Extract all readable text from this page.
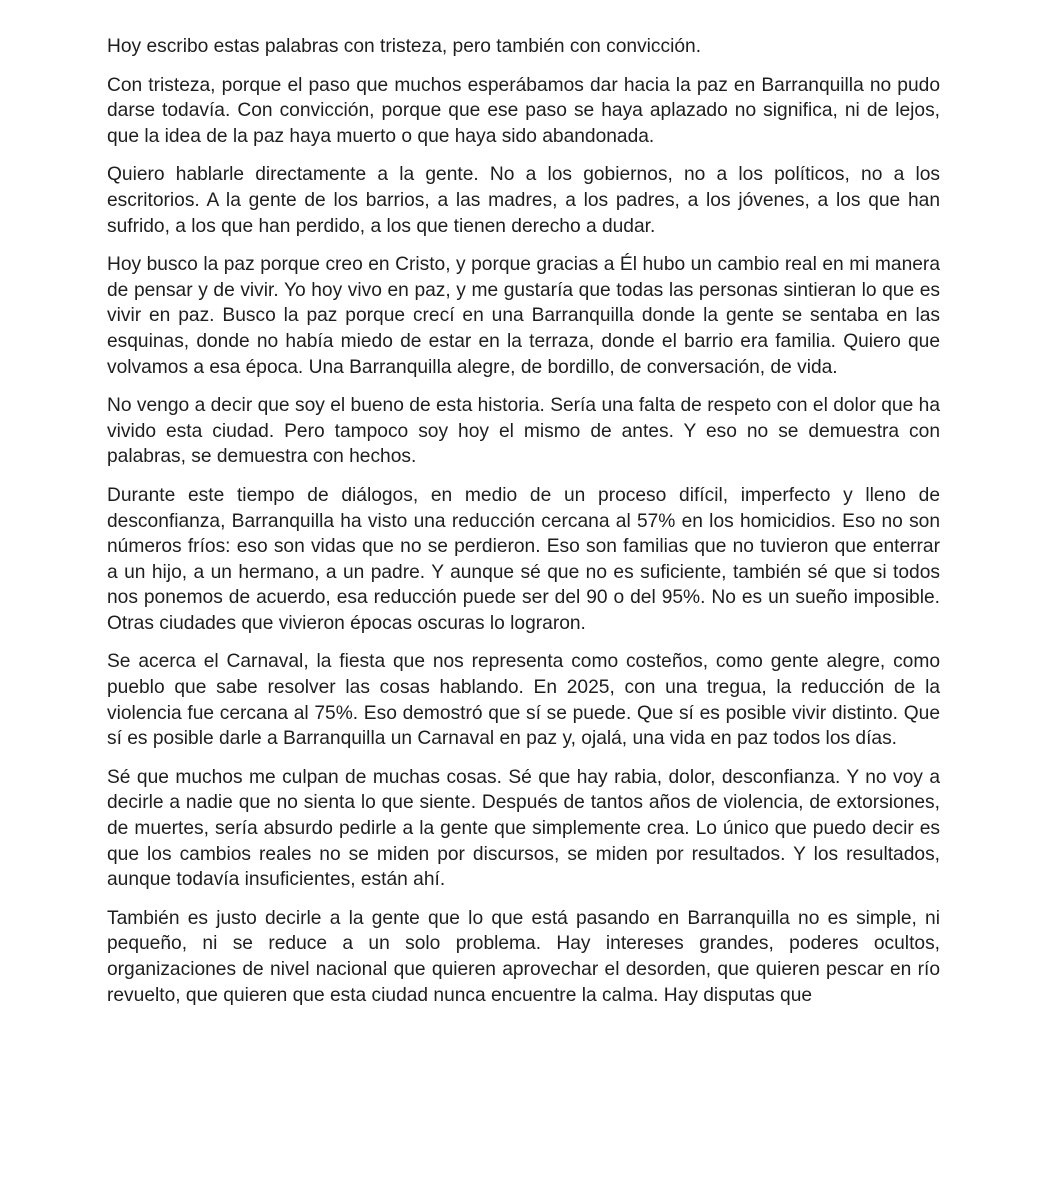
Hoy escribo estas palabras con tristeza, pero también con convicción.

Con tristeza, porque el paso que muchos esperábamos dar hacia la paz en Barranquilla no pudo darse todavía. Con convicción, porque que ese paso se haya aplazado no significa, ni de lejos, que la idea de la paz haya muerto o que haya sido abandonada.

Quiero hablarle directamente a la gente. No a los gobiernos, no a los políticos, no a los escritorios. A la gente de los barrios, a las madres, a los padres, a los jóvenes, a los que han sufrido, a los que han perdido, a los que tienen derecho a dudar.

Hoy busco la paz porque creo en Cristo, y porque gracias a Él hubo un cambio real en mi manera de pensar y de vivir. Yo hoy vivo en paz, y me gustaría que todas las personas sintieran lo que es vivir en paz. Busco la paz porque crecí en una Barranquilla donde la gente se sentaba en las esquinas, donde no había miedo de estar en la terraza, donde el barrio era familia. Quiero que volvamos a esa época. Una Barranquilla alegre, de bordillo, de conversación, de vida.

No vengo a decir que soy el bueno de esta historia. Sería una falta de respeto con el dolor que ha vivido esta ciudad. Pero tampoco soy hoy el mismo de antes. Y eso no se demuestra con palabras, se demuestra con hechos.

Durante este tiempo de diálogos, en medio de un proceso difícil, imperfecto y lleno de desconfianza, Barranquilla ha visto una reducción cercana al 57% en los homicidios. Eso no son números fríos: eso son vidas que no se perdieron. Eso son familias que no tuvieron que enterrar a un hijo, a un hermano, a un padre. Y aunque sé que no es suficiente, también sé que si todos nos ponemos de acuerdo, esa reducción puede ser del 90 o del 95%. No es un sueño imposible. Otras ciudades que vivieron épocas oscuras lo lograron.

Se acerca el Carnaval, la fiesta que nos representa como costeños, como gente alegre, como pueblo que sabe resolver las cosas hablando. En 2025, con una tregua, la reducción de la violencia fue cercana al 75%. Eso demostró que sí se puede. Que sí es posible vivir distinto. Que sí es posible darle a Barranquilla un Carnaval en paz y, ojalá, una vida en paz todos los días.

Sé que muchos me culpan de muchas cosas. Sé que hay rabia, dolor, desconfianza. Y no voy a decirle a nadie que no sienta lo que siente. Después de tantos años de violencia, de extorsiones, de muertes, sería absurdo pedirle a la gente que simplemente crea. Lo único que puedo decir es que los cambios reales no se miden por discursos, se miden por resultados. Y los resultados, aunque todavía insuficientes, están ahí.

También es justo decirle a la gente que lo que está pasando en Barranquilla no es simple, ni pequeño, ni se reduce a un solo problema. Hay intereses grandes, poderes ocultos, organizaciones de nivel nacional que quieren aprovechar el desorden, que quieren pescar en río revuelto, que quieren que esta ciudad nunca encuentre la calma. Hay disputas que
